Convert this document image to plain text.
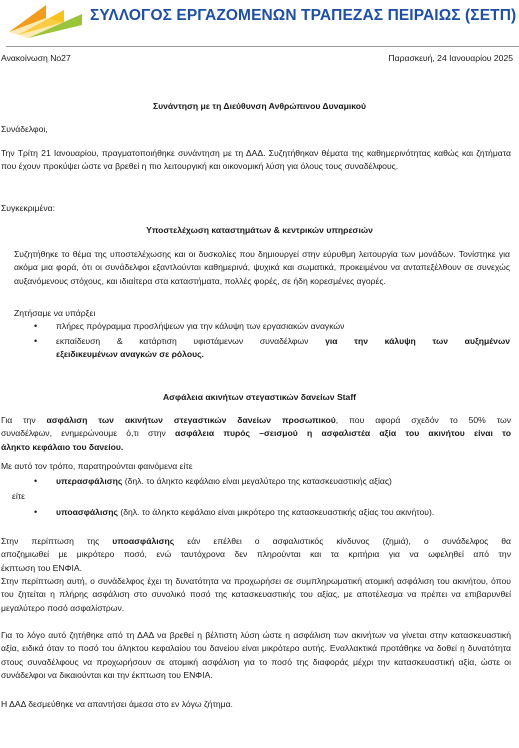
ΣΥΛΛΟΓΟΣ ΕΡΓΑΖΟΜΕΝΩΝ ΤΡΑΠΕΖΑΣ ΠΕΙΡΑΙΩΣ (ΣΕΤΠ)
Ανακοίνωση Νο27	Παρασκευή, 24 Ιανουαρίου 2025
Συνάντηση με τη Διεύθυνση Ανθρώπινου Δυναμικού
Συνάδελφοι,
Την Τρίτη 21 Ιανουαρίου, πραγματοποιήθηκε συνάντηση με τη ΔΑΔ. Συζητήθηκαν θέματα της καθημερινότητας καθώς και ζητήματα που έχουν προκύψει ώστε να βρεθεί η πιο λειτουργική και οικονομική λύση για όλους τους συναδέλφους.
Συγκεκριμένα:
Υποστελέχωση καταστημάτων & κεντρικών υπηρεσιών
Συζητήθηκε το θέμα της υποστελέχωσης και οι δυσκολίες που δημιουργεί στην εύρυθμη λειτουργία των μονάδων. Τονίστηκε για ακόμα μια φορά, ότι οι συνάδελφοι εξαντλούνται καθημερινά, ψυχικά και σωματικά, προκειμένου να ανταπεξέλθουν σε συνεχώς αυξανόμενους στόχους, και ιδιαίτερα στα καταστήματα, πολλές φορές, σε ήδη κορεσμένες αγορές.
Ζητήσαμε να υπάρξει
• πλήρες πρόγραμμα προσλήψεων για την κάλυψη των εργασιακών αναγκών
• εκπαίδευση & κατάρτιση υφιστάμενων συναδέλφων για την κάλυψη των αυξημένων
εξειδικευμένων αναγκών σε ρόλους.
Ασφάλεια ακινήτων στεγαστικών δανείων Staff
Για την ασφάλιση των ακινήτων στεγαστικών δανείων προσωπικού, που αφορά σχεδόν το 50% των
συναδέλφων, ενημερώνουμε ό,τι στην ασφάλεια πυρός –σεισμού η ασφαλιστέα αξία του ακινήτου είναι το
άληκτο κεφάλαιο του δανείου.
Με αυτό τον τρόπο, παρατηρούνται φαινόμενα είτε
• υπερασφάλισης (δηλ. το άληκτο κεφάλαιο είναι μεγαλύτερο της κατασκευαστικής αξίας)
είτε
• υποασφάλισης (δηλ. το άληκτο κεφάλαιο είναι μικρότερο της κατασκευαστικής αξίας του ακινήτου).
Στην περίπτωση της υποασφάλισης εάν επέλθει ο ασφαλιστικός κίνδυνος (ζημιά), ο συνάδελφος θα
αποζημιωθεί με μικρότερο ποσό, ενώ ταυτόχρονα δεν πληρούνται και τα κριτήρια για να ωφεληθεί από την
έκπτωση του ΕΝΦΙΑ.
Στην περίπτωση αυτή, ο συνάδελφος έχει τη δυνατότητα να προχωρήσει σε συμπληρωματική ατομική ασφάλιση του ακινήτου, όπου του ζητείται η πλήρης ασφάλιση στο συνολικό ποσό της κατασκευαστικής του αξίας, με αποτέλεσμα να πρέπει να επιβαρυνθεί μεγαλύτερο ποσό ασφαλίστρων.
Για το λόγο αυτό ζητήθηκε από τη ΔΑΔ να βρεθεί η βέλτιστη λύση ώστε η ασφάλιση των ακινήτων να γίνεται στην κατασκευαστική αξία, ειδικά όταν το ποσό του άληκτου κεφαλαίου του δανείου είναι μικρότερο αυτής. Εναλλακτικά προτάθηκε να δοθεί η δυνατότητα στους συναδέλφους να προχωρήσουν σε ατομική ασφάλιση για το ποσό της διαφοράς μέχρι την κατασκευαστική αξία, ώστε οι συνάδελφοι να δικαιούνται και την έκπτωση του ΕΝΦΙΑ.
Η ΔΑΔ δεσμεύθηκε να απαντήσει άμεσα στο εν λόγω ζήτημα.
